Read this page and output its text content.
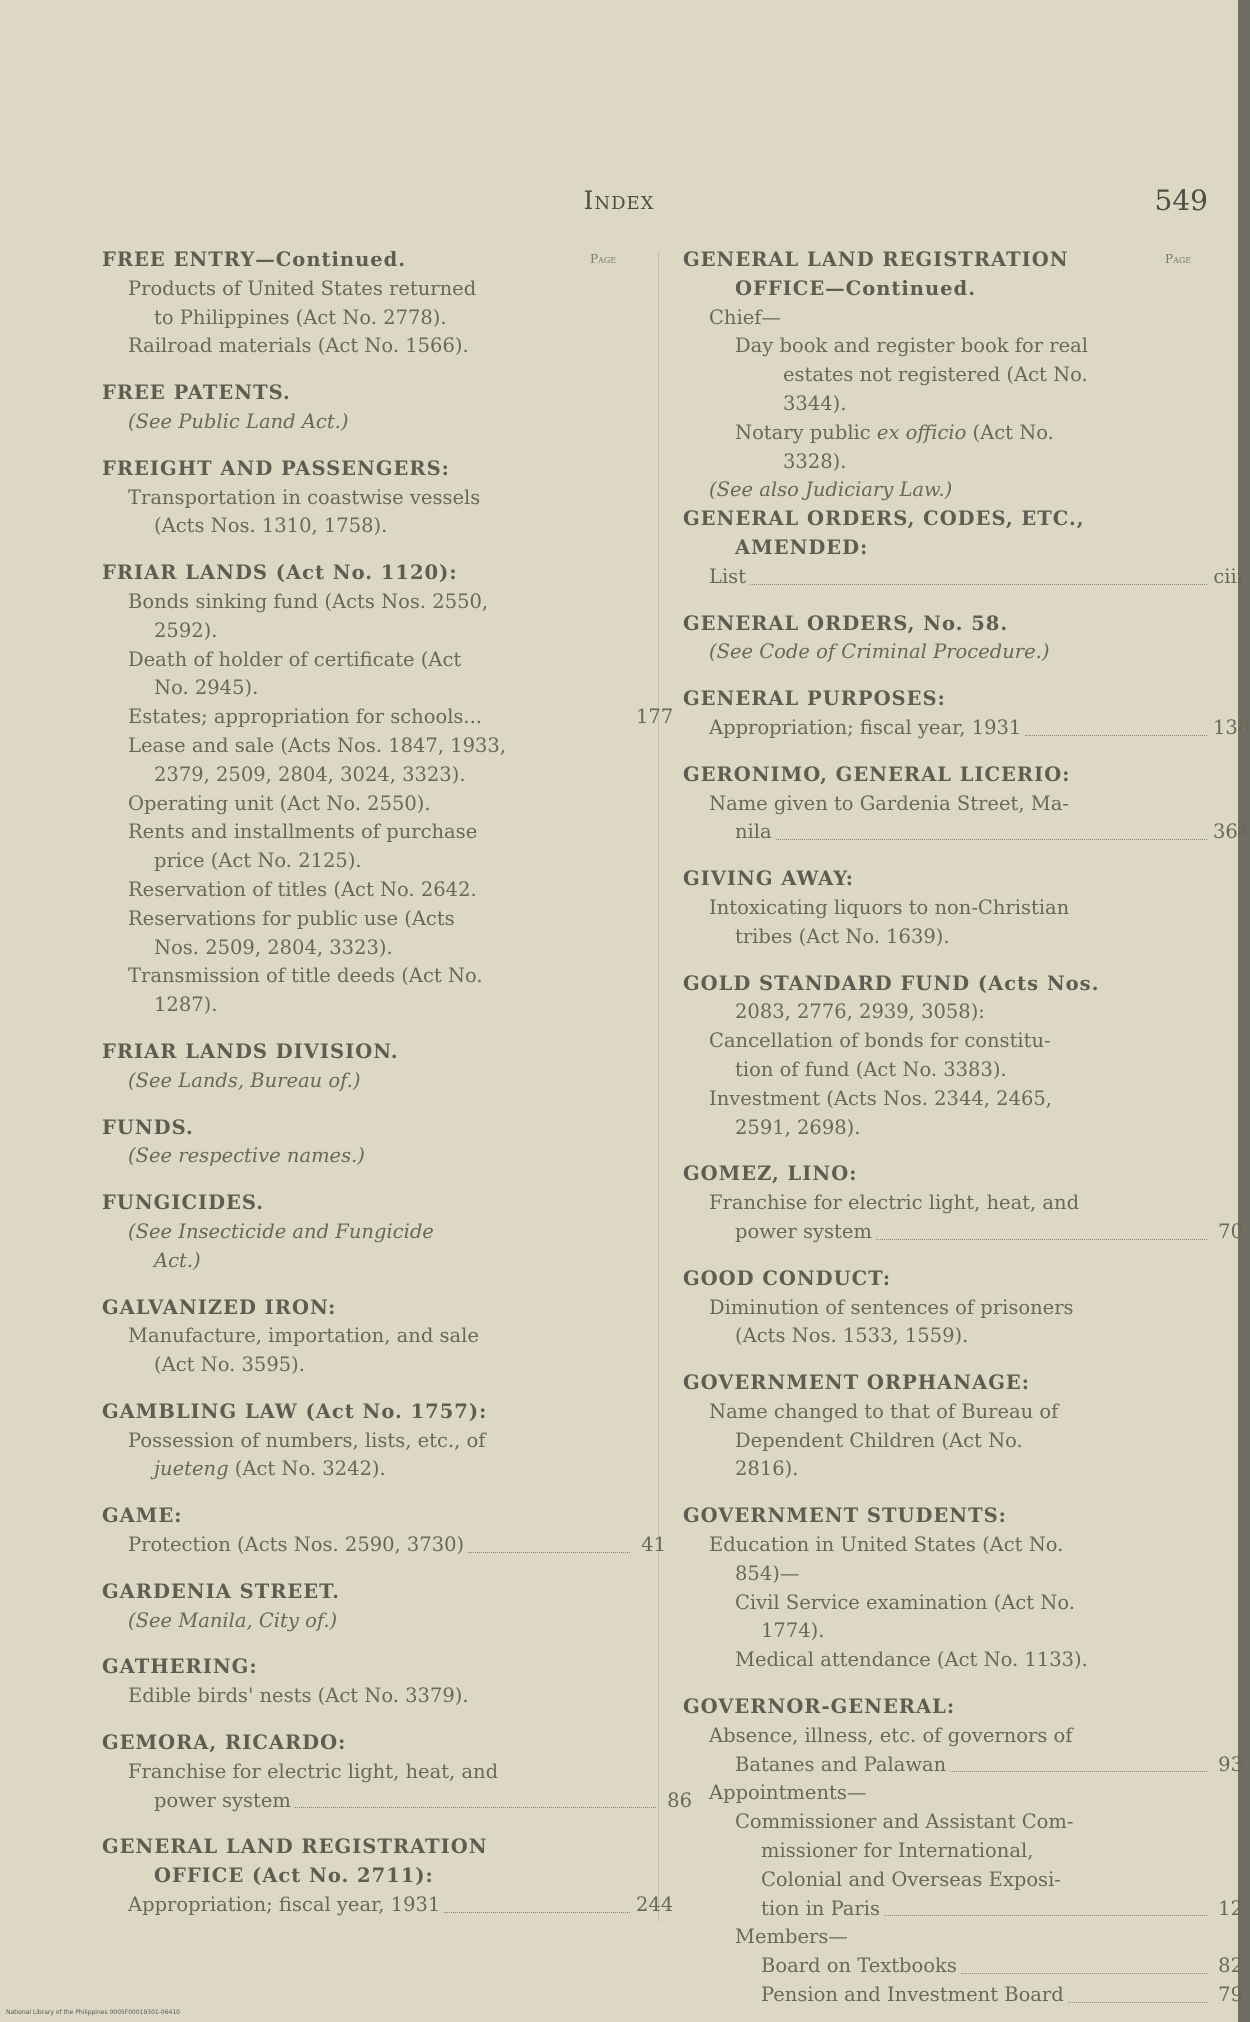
Index	549
Page	Page
FREE ENTRY—Continued.
Products of United States returned
to Philippines (Act No. 2778).
Railroad materials (Act No. 1566).
FREE PATENTS.
(See Public Land Act.)
FREIGHT AND PASSENGERS:
Transportation in coastwise vessels
(Acts Nos. 1310, 1758).
FRIAR LANDS (Act No. 1120):
Bonds sinking fund (Acts Nos. 2550,
2592).
Death of holder of certificate (Act
No. 2945).
Estates; appropriation for schools...	177
Lease and sale (Acts Nos. 1847, 1933,
2379, 2509, 2804, 3024, 3323).
Operating unit (Act No. 2550).
Rents and installments of purchase
price (Act No. 2125).
Reservation of titles (Act No. 2642.
Reservations for public use (Acts
Nos. 2509, 2804, 3323).
Transmission of title deeds (Act No.
1287).
FRIAR LANDS DIVISION.
(See Lands, Bureau of.)
FUNDS.
(See respective names.)
FUNGICIDES.
(See Insecticide and Fungicide
Act.)
GALVANIZED IRON:
Manufacture, importation, and sale
(Act No. 3595).
GAMBLING LAW (Act No. 1757):
Possession of numbers, lists, etc., of
jueteng (Act No. 3242).
GAME:
Protection (Acts Nos. 2590, 3730)	41
GARDENIA STREET.
(See Manila, City of.)
GATHERING:
Edible birds' nests (Act No. 3379).
GEMORA, RICARDO:
Franchise for electric light, heat, and
power system	86
GENERAL LAND REGISTRATION
OFFICE (Act No. 2711):
Appropriation; fiscal year, 1931	244
GENERAL LAND REGISTRATION
OFFICE—Continued.
Chief—
Day book and register book for real
estates not registered (Act No.
3344).
Notary public ex officio (Act No.
3328).
(See also Judiciary Law.)
GENERAL ORDERS, CODES, ETC.,
AMENDED:
List	ciii
GENERAL ORDERS, No. 58.
(See Code of Criminal Procedure.)
GENERAL PURPOSES:
Appropriation; fiscal year, 1931	136
GERONIMO, GENERAL LICERIO:
Name given to Gardenia Street, Ma-
nila	364
GIVING AWAY:
Intoxicating liquors to non-Christian
tribes (Act No. 1639).
GOLD STANDARD FUND (Acts Nos.
2083, 2776, 2939, 3058):
Cancellation of bonds for constitu-
tion of fund (Act No. 3383).
Investment (Acts Nos. 2344, 2465,
2591, 2698).
GOMEZ, LINO:
Franchise for electric light, heat, and
power system	70
GOOD CONDUCT:
Diminution of sentences of prisoners
(Acts Nos. 1533, 1559).
GOVERNMENT ORPHANAGE:
Name changed to that of Bureau of
Dependent Children (Act No.
2816).
GOVERNMENT STUDENTS:
Education in United States (Act No.
854)—
Civil Service examination (Act No.
1774).
Medical attendance (Act No. 1133).
GOVERNOR-GENERAL:
Absence, illness, etc. of governors of
Batanes and Palawan	93
Appointments—
Commissioner and Assistant Com-
missioner for International,
Colonial and Overseas Exposi-
tion in Paris	12
Members—
Board on Textbooks	82
Pension and Investment Board	79
National Library of the Philippines 0005F00019301-06410
